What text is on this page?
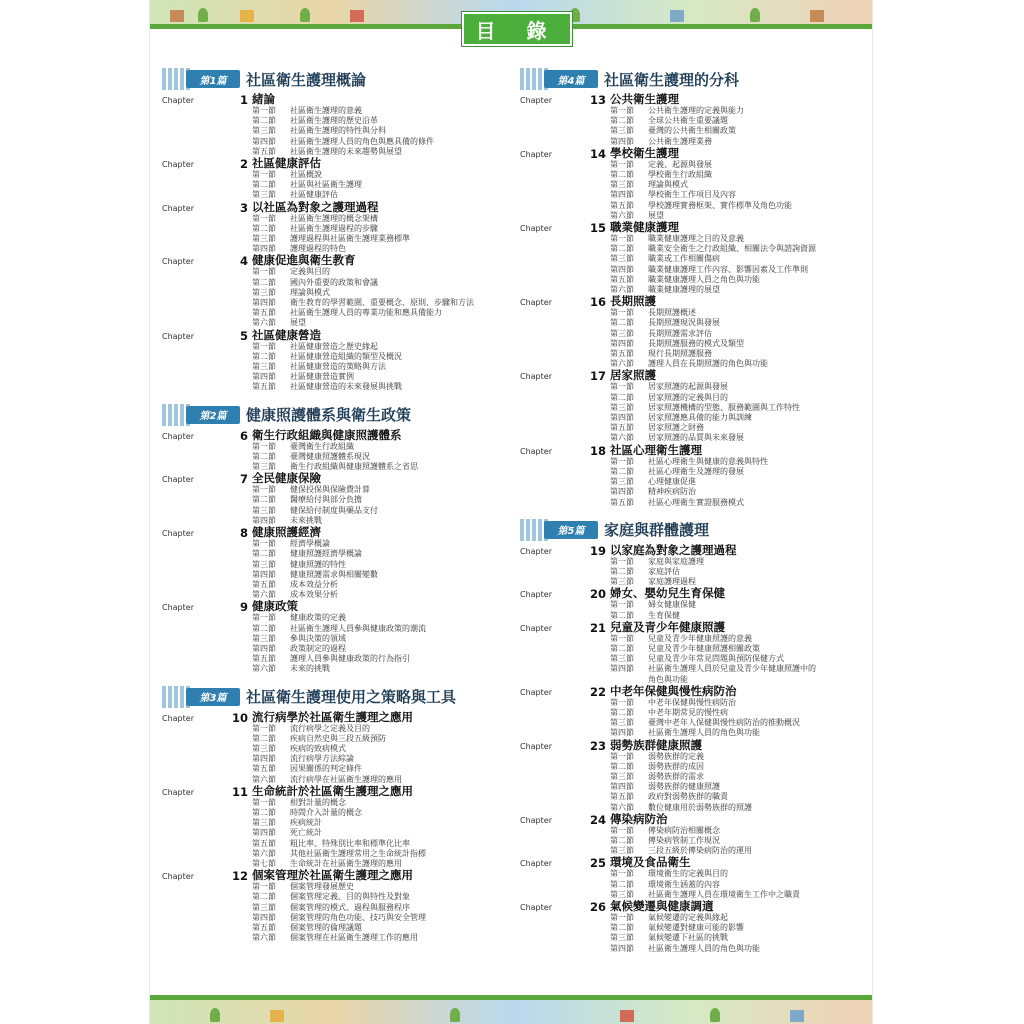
目 錄
第1篇	社區衛生護理概論
Chapter	1 緒論
第一節	社區衛生護理的意義
第二節	社區衛生護理的歷史沿革
第三節	社區衛生護理的特性與分科
第四節	社區衛生護理人員的角色與應具備的條件
第五節	社區衛生護理的未來趨勢與展望
Chapter	2 社區健康評估
第一節	社區概說
第二節	社區與社區衛生護理
第三節	社區健康評估
Chapter	3 以社區為對象之護理過程
第一節	社區衛生護理的概念架構
第二節	社區衛生護理過程的步驟
第三節	護理過程與社區衛生護理業務標準
第四節	護理過程的特色
Chapter	4 健康促進與衛生教育
第一節	定義與目的
第二節	國內外重要的政策和會議
第三節	理論與模式
第四節	衛生教育的學習範圍、重要概念、原則、步驟和方法
第五節	社區衛生護理人員的專業功能和應具備能力
第六節	展望
Chapter	5 社區健康營造
第一節	社區健康營造之歷史緣起
第二節	社區健康營造組織的類型及概況
第三節	社區健康營造的策略與方法
第四節	社區健康營造實例
第五節	社區健康營造的未來發展與挑戰
第2篇	健康照護體系與衛生政策
Chapter	6 衛生行政組織與健康照護體系
第一節	臺灣衛生行政組織
第二節	臺灣健康照護體系現況
第三節	衛生行政組織與健康照護體系之省思
Chapter	7 全民健康保險
第一節	健保投保與保險費計算
第二節	醫療給付與部分負擔
第三節	健保給付制度與藥品支付
第四節	未來挑戰
Chapter	8 健康照護經濟
第一節	經濟學概論
第二節	健康照護經濟學概論
第三節	健康照護的特性
第四節	健康照護需求與相關變數
第五節	成本效益分析
第六節	成本效果分析
Chapter	9 健康政策
第一節	健康政策的定義
第二節	社區衛生護理人員參與健康政策的潮流
第三節	參與決策的領域
第四節	政策制定的過程
第五節	護理人員參與健康政策的行為指引
第六節	未來的挑戰
第3篇	社區衛生護理使用之策略與工具
Chapter	10 流行病學於社區衛生護理之應用
第一節	流行病學之定義及目的
第二節	疾病自然史與三段五級預防
第三節	疾病的致病模式
第四節	流行病學方法綜論
第五節	因果關係的判定條件
第六節	流行病學在社區衛生護理的應用
Chapter	11 生命統計於社區衛生護理之應用
第一節	相對計量的概念
第二節	時間介入計量的概念
第三節	疾病統計
第四節	死亡統計
第五節	粗比率、特殊別比率和標準化比率
第六節	其他社區衛生護理常用之生命統計指標
第七節	生命統計在社區衛生護理的應用
Chapter	12 個案管理於社區衛生護理之應用
第一節	個案管理發展歷史
第二節	個案管理定義、目的與特性及對象
第三節	個案管理的模式、過程與服務程序
第四節	個案管理的角色功能、技巧與安全管理
第五節	個案管理的倫理議題
第六節	個案管理在社區衛生護理工作的應用
第4篇	社區衛生護理的分科
Chapter	13 公共衛生護理
第一節	公共衛生護理的定義與能力
第二節	全球公共衛生重要議題
第三節	臺灣的公共衛生相關政策
第四節	公共衛生護理業務
Chapter	14 學校衛生護理
第一節	定義、起源與發展
第二節	學校衛生行政組織
第三節	理論與模式
第四節	學校衛生工作項目及內容
第五節	學校護理實務框架、實作標準及角色功能
第六節	展望
Chapter	15 職業健康護理
第一節	職業健康護理之目的及意義
第二節	職業安全衛生之行政組織、相關法令與諮詢資源
第三節	職業或工作相關傷病
第四節	職業健康護理工作內容、影響因素及工作準則
第五節	職業健康護理人員之角色與功能
第六節	職業健康護理的展望
Chapter	16 長期照護
第一節	長期照護概述
第二節	長期照護現況與發展
第三節	長期照護需求評估
第四節	長期照護服務的模式及類型
第五節	現行長期照護服務
第六節	護理人員在長期照護的角色與功能
Chapter	17 居家照護
第一節	居家照護的起源與發展
第二節	居家照護的定義與目的
第三節	居家照護機構的型態、服務範圍與工作特性
第四節	居家照護應具備的能力與訓練
第五節	居家照護之財務
第六節	居家照護的品質與未來發展
Chapter	18 社區心理衛生護理
第一節	社區心理衛生與健康的意義與特性
第二節	社區心理衛生及護理的發展
第三節	心理健康促進
第四節	精神疾病防治
第五節	社區心理衛生實證服務模式
第5篇	家庭與群體護理
Chapter	19 以家庭為對象之護理過程
第一節	家庭與家庭護理
第二節	家庭評估
第三節	家庭護理過程
Chapter	20 婦女、嬰幼兒生育保健
第一節	婦女健康保健
第二節	生育保健
Chapter	21 兒童及青少年健康照護
第一節	兒童及青少年健康照護的意義
第二節	兒童及青少年健康照護相關政策
第三節	兒童及青少年常見問題與預防保健方式
第四節	社區衛生護理人員於兒童及青少年健康照護中的
角色與功能
Chapter	22 中老年保健與慢性病防治
第一節	中老年保健與慢性病防治
第二節	中老年期常見的慢性病
第三節	臺灣中老年人保健與慢性病防治的推動概況
第四節	社區衛生護理人員的角色與功能
Chapter	23 弱勢族群健康照護
第一節	弱勢族群的定義
第二節	弱勢族群的成因
第三節	弱勢族群的需求
第四節	弱勢族群的健康照護
第五節	政府對弱勢族群的職責
第六節	數位健康用於弱勢族群的照護
Chapter	24 傳染病防治
第一節	傳染病防治相關概念
第二節	傳染病管制工作現況
第三節	三段五級於傳染病防治的運用
Chapter	25 環境及食品衛生
第一節	環境衛生的定義與目的
第二節	環境衛生涵蓋的內容
第三節	社區衛生護理人員在環境衛生工作中之職責
Chapter	26 氣候變遷與健康調適
第一節	氣候變遷的定義與緣起
第二節	氣候變遷對健康可能的影響
第三節	氣候變遷下社區的挑戰
第四節	社區衛生護理人員的角色與功能
